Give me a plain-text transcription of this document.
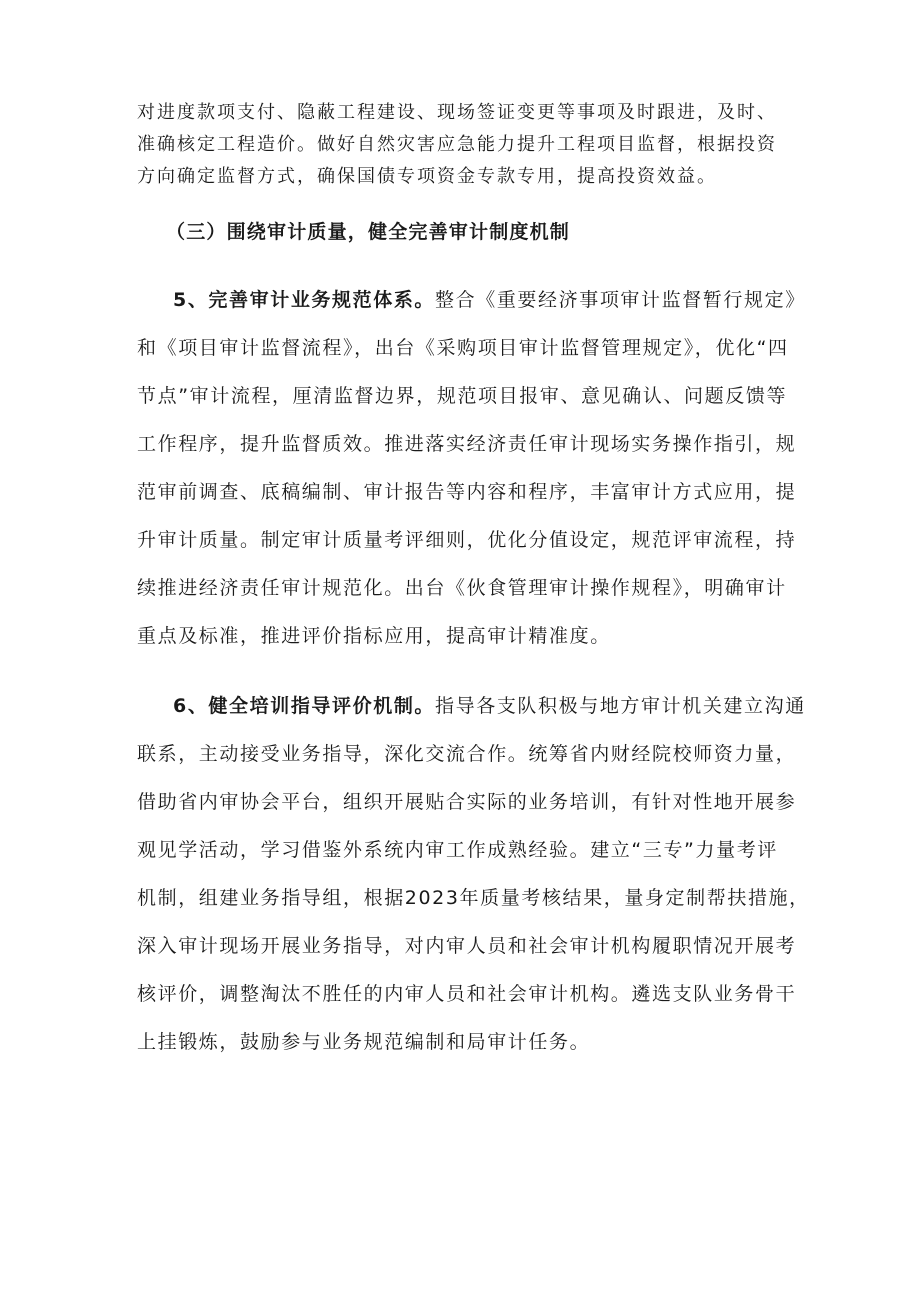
对进度款项支付、隐蔽工程建设、现场签证变更等事项及时跟进，及时、
准确核定工程造价。做好自然灾害应急能力提升工程项目监督，根据投资
方向确定监督方式，确保国债专项资金专款专用，提高投资效益。
（三）围绕审计质量，健全完善审计制度机制
5、完善审计业务规范体系。整合《重要经济事项审计监督暂行规定》
和《项目审计监督流程》，出台《采购项目审计监督管理规定》，优化“四
节点”审计流程，厘清监督边界，规范项目报审、意见确认、问题反馈等
工作程序，提升监督质效。推进落实经济责任审计现场实务操作指引，规
范审前调查、底稿编制、审计报告等内容和程序，丰富审计方式应用，提
升审计质量。制定审计质量考评细则，优化分值设定，规范评审流程，持
续推进经济责任审计规范化。出台《伙食管理审计操作规程》，明确审计
重点及标准，推进评价指标应用，提高审计精准度。
6、健全培训指导评价机制。指导各支队积极与地方审计机关建立沟通
联系，主动接受业务指导，深化交流合作。统筹省内财经院校师资力量，
借助省内审协会平台，组织开展贴合实际的业务培训，有针对性地开展参
观见学活动，学习借鉴外系统内审工作成熟经验。建立“三专”力量考评
机制，组建业务指导组，根据2023年质量考核结果，量身定制帮扶措施，
深入审计现场开展业务指导，对内审人员和社会审计机构履职情况开展考
核评价，调整淘汰不胜任的内审人员和社会审计机构。遴选支队业务骨干
上挂锻炼，鼓励参与业务规范编制和局审计任务。
